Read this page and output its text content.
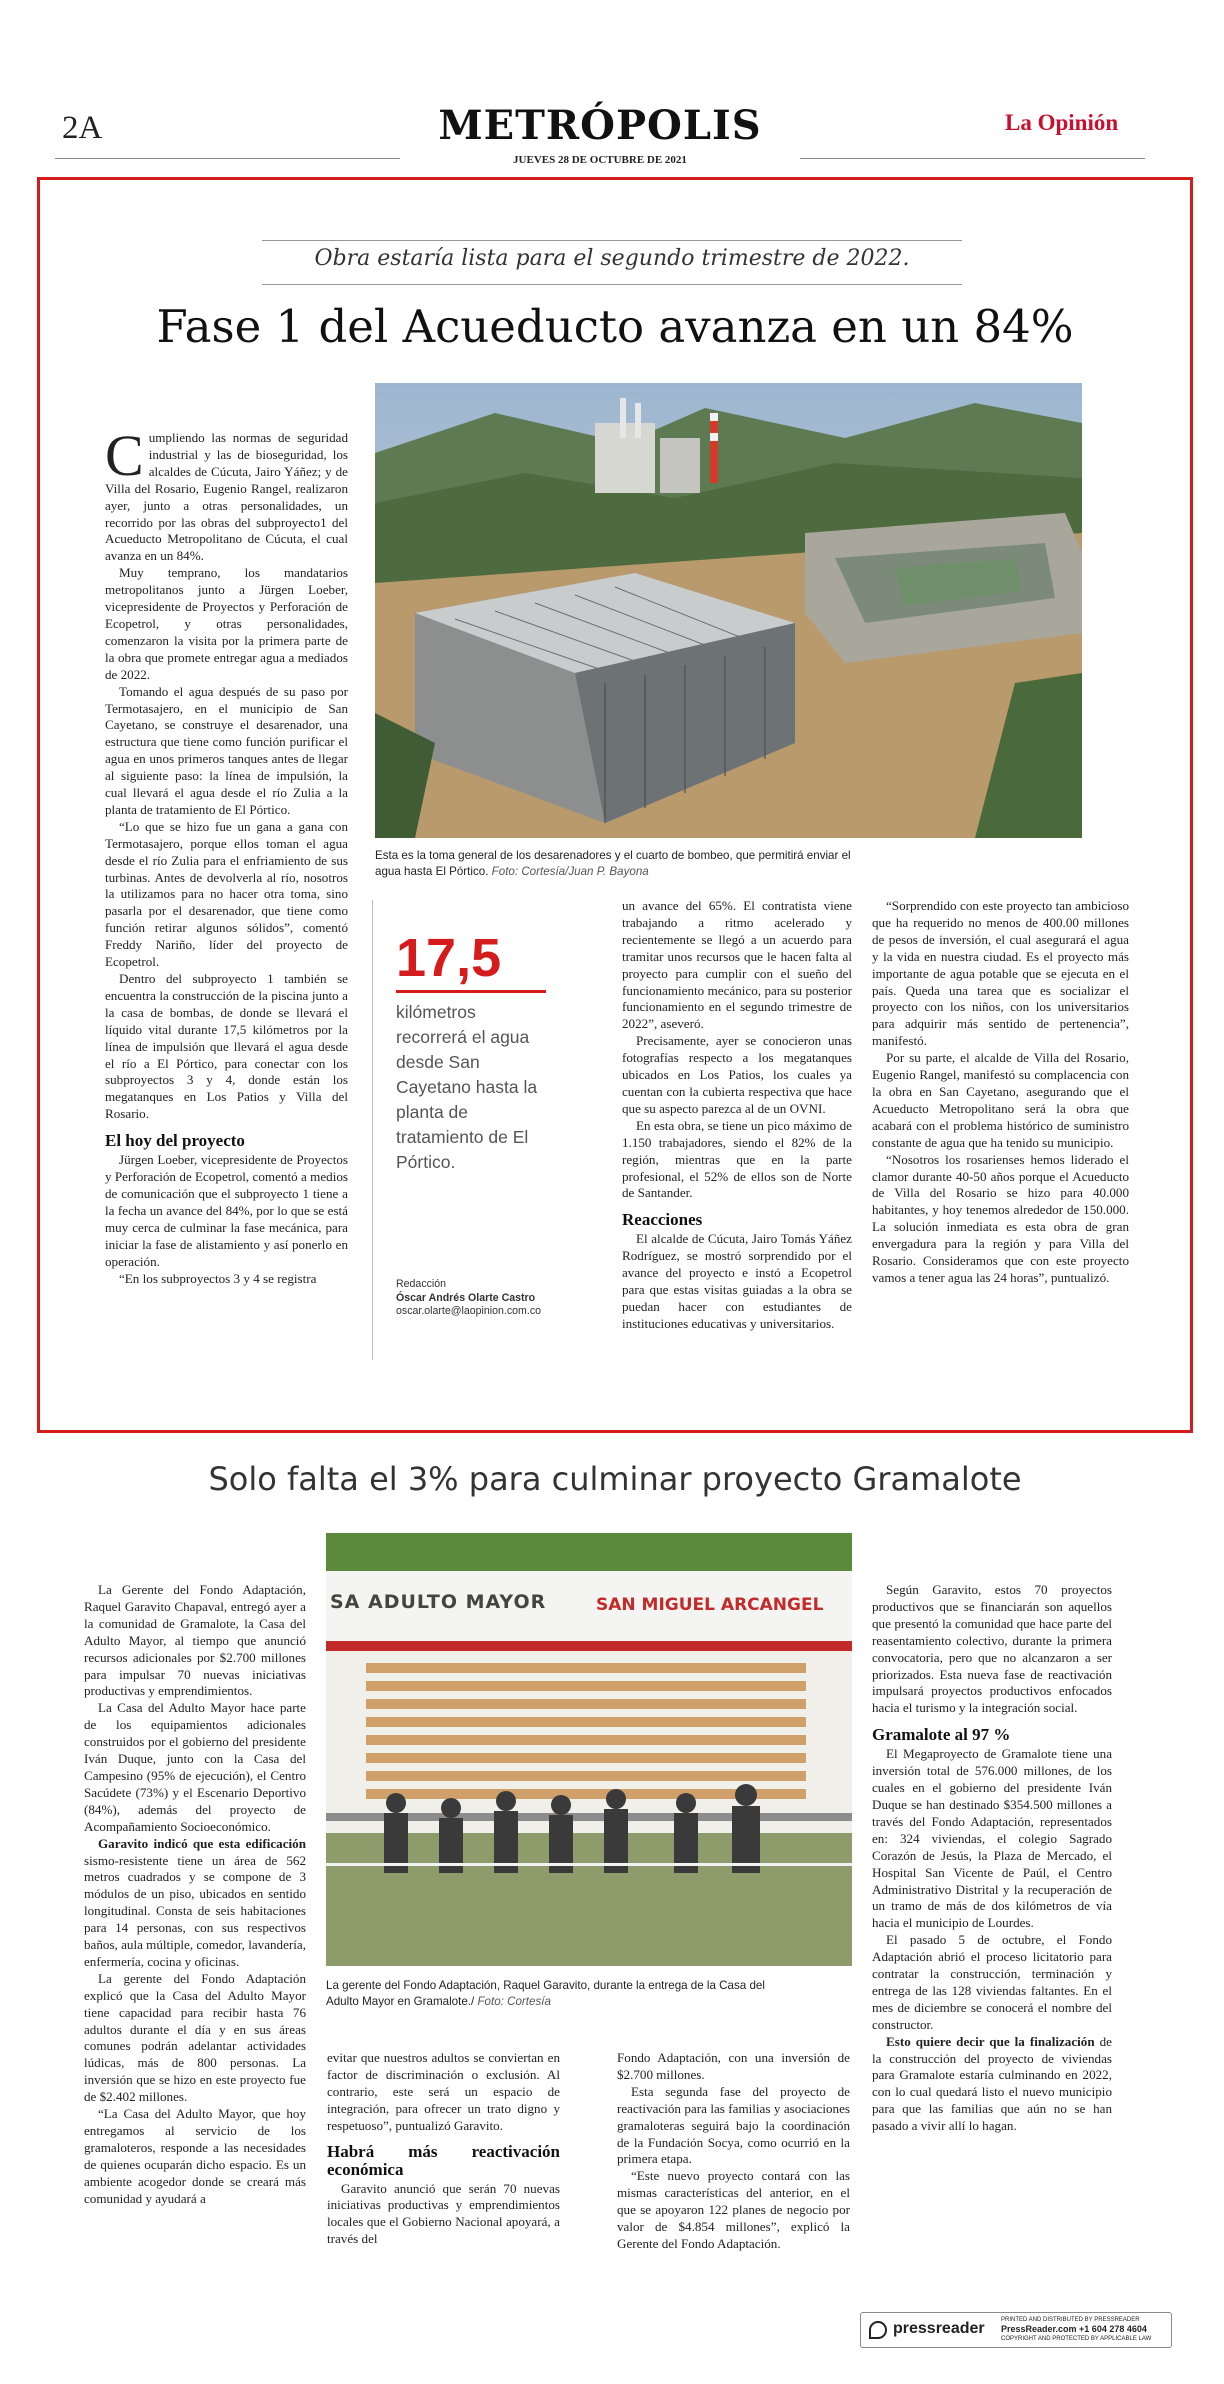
2A	METRÓPOLIS	La Opinión
JUEVES 28 DE OCTUBRE DE 2021
Obra estaría lista para el segundo trimestre de 2022.
Fase 1 del Acueducto avanza en un 84%
Esta es la toma general de los desarenadores y el cuarto de bombeo, que permitirá enviar el agua hasta El Pórtico. Foto: Cortesía/Juan P. Bayona

Cumpliendo las normas de seguridad industrial y las de bioseguridad, los alcaldes de Cúcuta, Jairo Yáñez; y de Villa del Rosario, Eugenio Rangel, realizaron ayer, junto a otras personalidades, un recorrido por las obras del subproyecto1 del Acueducto Metropolitano de Cúcuta, el cual avanza en un 84%.

Muy temprano, los mandatarios metropolitanos junto a Jürgen Loeber, vicepresidente de Proyectos y Perforación de Ecopetrol, y otras personalidades, comenzaron la visita por la primera parte de la obra que promete entregar agua a mediados de 2022.

Tomando el agua después de su paso por Termotasajero, en el municipio de San Cayetano, se construye el desarenador, una estructura que tiene como función purificar el agua en unos primeros tanques antes de llegar al siguiente paso: la línea de impulsión, la cual llevará el agua desde el río Zulia a la planta de tratamiento de El Pórtico.

“Lo que se hizo fue un gana a gana con Termotasajero, porque ellos toman el agua desde el río Zulia para el enfriamiento de sus turbinas. Antes de devolverla al río, nosotros la utilizamos para no hacer otra toma, sino pasarla por el desarenador, que tiene como función retirar algunos sólidos”, comentó Freddy Nariño, líder del proyecto de Ecopetrol.

Dentro del subproyecto 1 también se encuentra la construcción de la piscina junto a la casa de bombas, de donde se llevará el líquido vital durante 17,5 kilómetros por la línea de impulsión que llevará el agua desde el río a El Pórtico, para conectar con los subproyectos 3 y 4, donde están los megatanques en Los Patios y Villa del Rosario.

El hoy del proyecto

Jürgen Loeber, vicepresidente de Proyectos y Perforación de Ecopetrol, comentó a medios de comunicación que el subproyecto 1 tiene a la fecha un avance del 84%, por lo que se está muy cerca de culminar la fase mecánica, para iniciar la fase de alistamiento y así ponerlo en operación.

“En los subproyectos 3 y 4 se registra

17,5
kilómetros recorrerá el agua desde San Cayetano hasta la planta de tratamiento de El Pórtico.
Redacción
Óscar Andrés Olarte Castro
oscar.olarte@laopinion.com.co

un avance del 65%. El contratista viene trabajando a ritmo acelerado y recientemente se llegó a un acuerdo para tramitar unos recursos que le hacen falta al proyecto para cumplir con el sueño del funcionamiento mecánico, para su posterior funcionamiento en el segundo trimestre de 2022”, aseveró.

Precisamente, ayer se conocieron unas fotografías respecto a los megatanques ubicados en Los Patios, los cuales ya cuentan con la cubierta respectiva que hace que su aspecto parezca al de un OVNI.

En esta obra, se tiene un pico máximo de 1.150 trabajadores, siendo el 82% de la región, mientras que en la parte profesional, el 52% de ellos son de Norte de Santander.

Reacciones

El alcalde de Cúcuta, Jairo Tomás Yáñez Rodríguez, se mostró sorprendido por el avance del proyecto e instó a Ecopetrol para que estas visitas guiadas a la obra se puedan hacer con estudiantes de instituciones educativas y universitarios.

“Sorprendido con este proyecto tan ambicioso que ha requerido no menos de 400.00 millones de pesos de inversión, el cual asegurará el agua y la vida en nuestra ciudad. Es el proyecto más importante de agua potable que se ejecuta en el país. Queda una tarea que es socializar el proyecto con los niños, con los universitarios para adquirir más sentido de pertenencia”, manifestó.

Por su parte, el alcalde de Villa del Rosario, Eugenio Rangel, manifestó su complacencia con la obra en San Cayetano, asegurando que el Acueducto Metropolitano será la obra que acabará con el problema histórico de suministro constante de agua que ha tenido su municipio.

“Nosotros los rosarienses hemos liderado el clamor durante 40-50 años porque el Acueducto de Villa del Rosario se hizo para 40.000 habitantes, y hoy tenemos alrededor de 150.000. La solución inmediata es esta obra de gran envergadura para la región y para Villa del Rosario. Consideramos que con este proyecto vamos a tener agua las 24 horas”, puntualizó.

Solo falta el 3% para culminar proyecto Gramalote
SA ADULTO MAYOR	SAN MIGUEL ARCANGEL
La gerente del Fondo Adaptación, Raquel Garavito, durante la entrega de la Casa del Adulto Mayor en Gramalote./ Foto: Cortesía

La Gerente del Fondo Adaptación, Raquel Garavito Chapaval, entregó ayer a la comunidad de Gramalote, la Casa del Adulto Mayor, al tiempo que anunció recursos adicionales por $2.700 millones para impulsar 70 nuevas iniciativas productivas y emprendimientos.

La Casa del Adulto Mayor hace parte de los equipamientos adicionales construidos por el gobierno del presidente Iván Duque, junto con la Casa del Campesino (95% de ejecución), el Centro Sacúdete (73%) y el Escenario Deportivo (84%), además del proyecto de Acompañamiento Socioeconómico.

Garavito indicó que esta edificación sismo-resistente tiene un área de 562 metros cuadrados y se compone de 3 módulos de un piso, ubicados en sentido longitudinal. Consta de seis habitaciones para 14 personas, con sus respectivos baños, aula múltiple, comedor, lavandería, enfermería, cocina y oficinas.

La gerente del Fondo Adaptación explicó que la Casa del Adulto Mayor tiene capacidad para recibir hasta 76 adultos durante el día y en sus áreas comunes podrán adelantar actividades lúdicas, más de 800 personas. La inversión que se hizo en este proyecto fue de $2.402 millones.

“La Casa del Adulto Mayor, que hoy entregamos al servicio de los gramaloteros, responde a las necesidades de quienes ocuparán dicho espacio. Es un ambiente acogedor donde se creará más comunidad y ayudará a

evitar que nuestros adultos se conviertan en factor de discriminación o exclusión. Al contrario, este será un espacio de integración, para ofrecer un trato digno y respetuoso”, puntualizó Garavito.

Habrá más reactivación económica

Garavito anunció que serán 70 nuevas iniciativas productivas y emprendimientos locales que el Gobierno Nacional apoyará, a través del

Fondo Adaptación, con una inversión de $2.700 millones.

Esta segunda fase del proyecto de reactivación para las familias y asociaciones gramaloteras seguirá bajo la coordinación de la Fundación Socya, como ocurrió en la primera etapa.

“Este nuevo proyecto contará con las mismas características del anterior, en el que se apoyaron 122 planes de negocio por valor de $4.854 millones”, explicó la Gerente del Fondo Adaptación.

Según Garavito, estos 70 proyectos productivos que se financiarán son aquellos que presentó la comunidad que hace parte del reasentamiento colectivo, durante la primera convocatoria, pero que no alcanzaron a ser priorizados. Esta nueva fase de reactivación impulsará proyectos productivos enfocados hacia el turismo y la integración social.

Gramalote al 97 %

El Megaproyecto de Gramalote tiene una inversión total de 576.000 millones, de los cuales en el gobierno del presidente Iván Duque se han destinado $354.500 millones a través del Fondo Adaptación, representados en: 324 viviendas, el colegio Sagrado Corazón de Jesús, la Plaza de Mercado, el Hospital San Vicente de Paúl, el Centro Administrativo Distrital y la recuperación de un tramo de más de dos kilómetros de vía hacia el municipio de Lourdes.

El pasado 5 de octubre, el Fondo Adaptación abrió el proceso licitatorio para contratar la construcción, terminación y entrega de las 128 viviendas faltantes. En el mes de diciembre se conocerá el nombre del constructor.

Esto quiere decir que la finalización de la construcción del proyecto de viviendas para Gramalote estaría culminando en 2022, con lo cual quedará listo el nuevo municipio para que las familias que aún no se han pasado a vivir allí lo hagan.

pressreader	PRINTED AND DISTRIBUTED BY PRESSREADER
PressReader.com +1 604 278 4604
COPYRIGHT AND PROTECTED BY APPLICABLE LAW
